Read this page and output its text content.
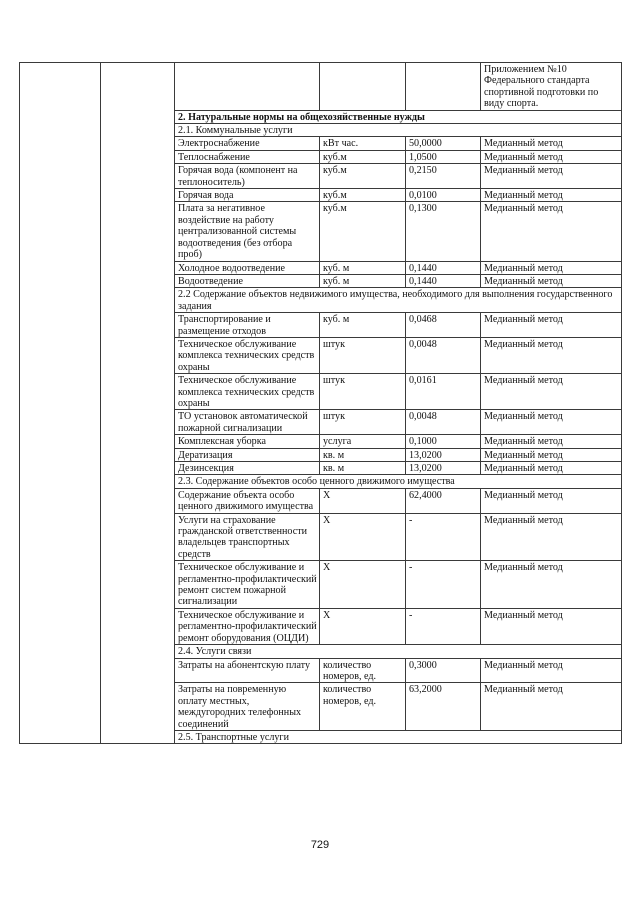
					Приложением №10 Федерального стандарта спортивной подготовки по виду спорта.
		2. Натуральные нормы на общехозяйственные нужды			
		2.1. Коммунальные услуги			
		Электроснабжение	кВт час.	50,0000	Медианный метод
		Теплоснабжение	куб.м	1,0500	Медианный метод
		Горячая вода (компонент на теплоноситель)	куб.м	0,2150	Медианный метод
		Горячая вода	куб.м	0,0100	Медианный метод
		Плата за негативное воздействие на работу централизованной системы водоотведения (без отбора проб)	куб.м	0,1300	Медианный метод
		Холодное водоотведение	куб. м	0,1440	Медианный метод
		Водоотведение	куб. м	0,1440	Медианный метод
		2.2 Содержание объектов недвижимого имущества, необходимого для выполнения государственного задания			
		Транспортирование и размещение отходов	куб. м	0,0468	Медианный метод
		Техническое обслуживание комплекса технических средств охраны	штук	0,0048	Медианный метод
		Техническое обслуживание комплекса технических средств охраны	штук	0,0161	Медианный метод
		ТО установок автоматической пожарной сигнализации	штук	0,0048	Медианный метод
		Комплексная уборка	услуга	0,1000	Медианный метод
		Дератизация	кв. м	13,0200	Медианный метод
		Дезинсекция	кв. м	13,0200	Медианный метод
		2.3. Содержание объектов особо ценного движимого имущества			
		Содержание объекта особо ценного движимого имущества	Х	62,4000	Медианный метод
		Услуги на страхование гражданской ответственности владельцев транспортных средств	Х	-	Медианный метод
		Техническое обслуживание и регламентно-профилактический ремонт систем пожарной сигнализации	Х	-	Медианный метод
		Техническое обслуживание и регламентно-профилактический ремонт оборудования (ОЦДИ)	Х	-	Медианный метод
		2.4. Услуги связи			
		Затраты на абонентскую плату	количество номеров, ед.	0,3000	Медианный метод
		Затраты на повременную оплату местных, междугородних телефонных соединений	количество номеров, ед.	63,2000	Медианный метод
		2.5. Транспортные услуги			
729
